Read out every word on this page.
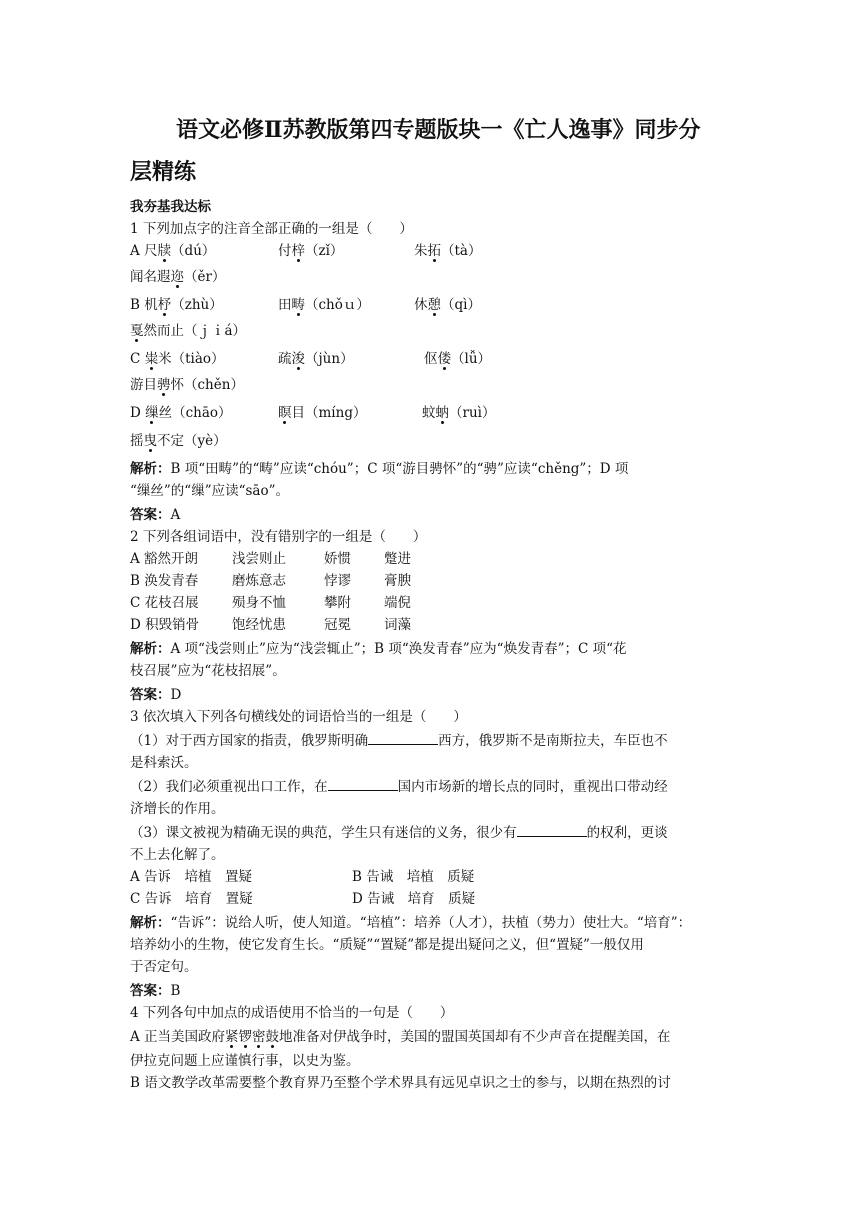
语文必修Ⅱ苏教版第四专题版块一《亡人逸事》同步分
层精练
我夯基我达标
1 下列加点字的注音全部正确的一组是（　　）
A 尺牍（dú）	付梓（zǐ）	朱拓（tà）
闻名遐迩（ěr）
B 机杼（zhù）	田畴（chǒｕ）	休憩（qì）
戛然而止（ｊｉá）
C 粜米（tiào）	疏浚（jùn）	伛偻（lǚ）
游目骋怀（chěn）
D 缫丝（chāo）	瞑目（míng）	蚊蚋（ruì）
摇曳不定（yè）
解析：B 项“田畴”的“畴”应读“chóu”；C 项“游目骋怀”的“骋”应读“chěng”；D 项
“缫丝”的“缫”应读“sāo”。
答案：A
2 下列各组词语中，没有错别字的一组是（　　）
A 豁然开朗	浅尝则止	娇惯 蹩进
B 涣发青春	磨炼意志	悖谬 膏腴
C 花枝召展 殒身不恤	攀附 端倪
D 积毁销骨 饱经忧患	冠冕 词藻
解析：A 项“浅尝则止”应为“浅尝辄止”；B 项“涣发青春”应为“焕发青春”；C 项“花
枝召展”应为“花枝招展”。
答案：D
3 依次填入下列各句横线处的词语恰当的一组是（　　）
（1）对于西方国家的指责，俄罗斯明确	西方，俄罗斯不是南斯拉夫，车臣也不
是科索沃。
（2）我们必须重视出口工作，在	国内市场新的增长点的同时，重视出口带动经
济增长的作用。
（3）课文被视为精确无误的典范，学生只有迷信的义务，很少有	的权利，更谈
不上去化解了。
A 告诉　培植　置疑	B 告诫　培植　质疑
C 告诉　培育　置疑	D 告诫　培育　质疑
解析：“告诉”：说给人听，使人知道。“培植”：培养（人才），扶植（势力）使壮大。“培育”：
培养幼小的生物，使它发育生长。“质疑”“置疑”都是提出疑问之义，但“置疑”一般仅用
于否定句。
答案：B
4 下列各句中加点的成语使用不恰当的一句是（　　）
A 正当美国政府紧锣密鼓地准备对伊战争时，美国的盟国英国却有不少声音在提醒美国，在
伊拉克问题上应谨慎行事，以史为鉴。
B 语文教学改革需要整个教育界乃至整个学术界具有远见卓识之士的参与，以期在热烈的讨
